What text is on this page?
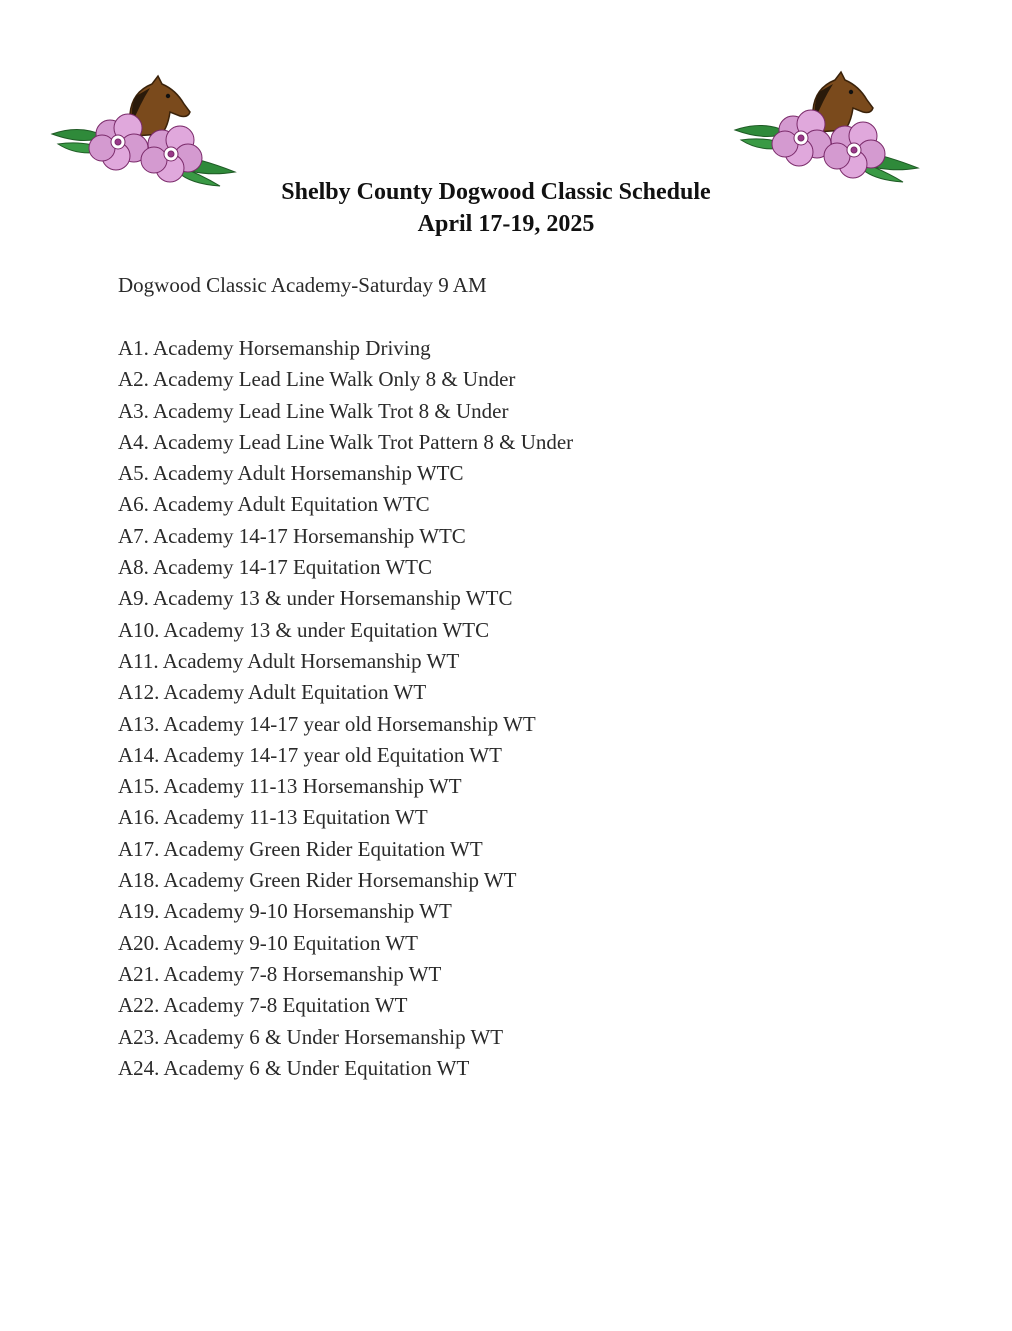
Shelby County Dogwood Classic Schedule
April 17-19, 2025
Dogwood Classic Academy-Saturday 9 AM
A1. Academy Horsemanship Driving
A2. Academy Lead Line Walk Only 8 & Under
A3. Academy Lead Line Walk Trot 8 & Under
A4. Academy Lead Line Walk Trot Pattern 8 & Under
A5. Academy Adult Horsemanship WTC
A6. Academy Adult Equitation WTC
A7. Academy 14-17 Horsemanship WTC
A8. Academy 14-17 Equitation WTC
A9. Academy 13 & under Horsemanship WTC
A10. Academy 13 & under Equitation WTC
A11. Academy Adult Horsemanship WT
A12. Academy Adult Equitation WT
A13. Academy 14-17 year old Horsemanship WT
A14. Academy 14-17 year old Equitation WT
A15. Academy 11-13 Horsemanship WT
A16. Academy 11-13 Equitation WT
A17. Academy Green Rider Equitation WT
A18. Academy Green Rider Horsemanship WT
A19. Academy 9-10 Horsemanship WT
A20. Academy 9-10 Equitation WT
A21. Academy 7-8 Horsemanship WT
A22. Academy 7-8 Equitation WT
A23. Academy 6 & Under Horsemanship WT
A24. Academy 6 & Under Equitation WT
